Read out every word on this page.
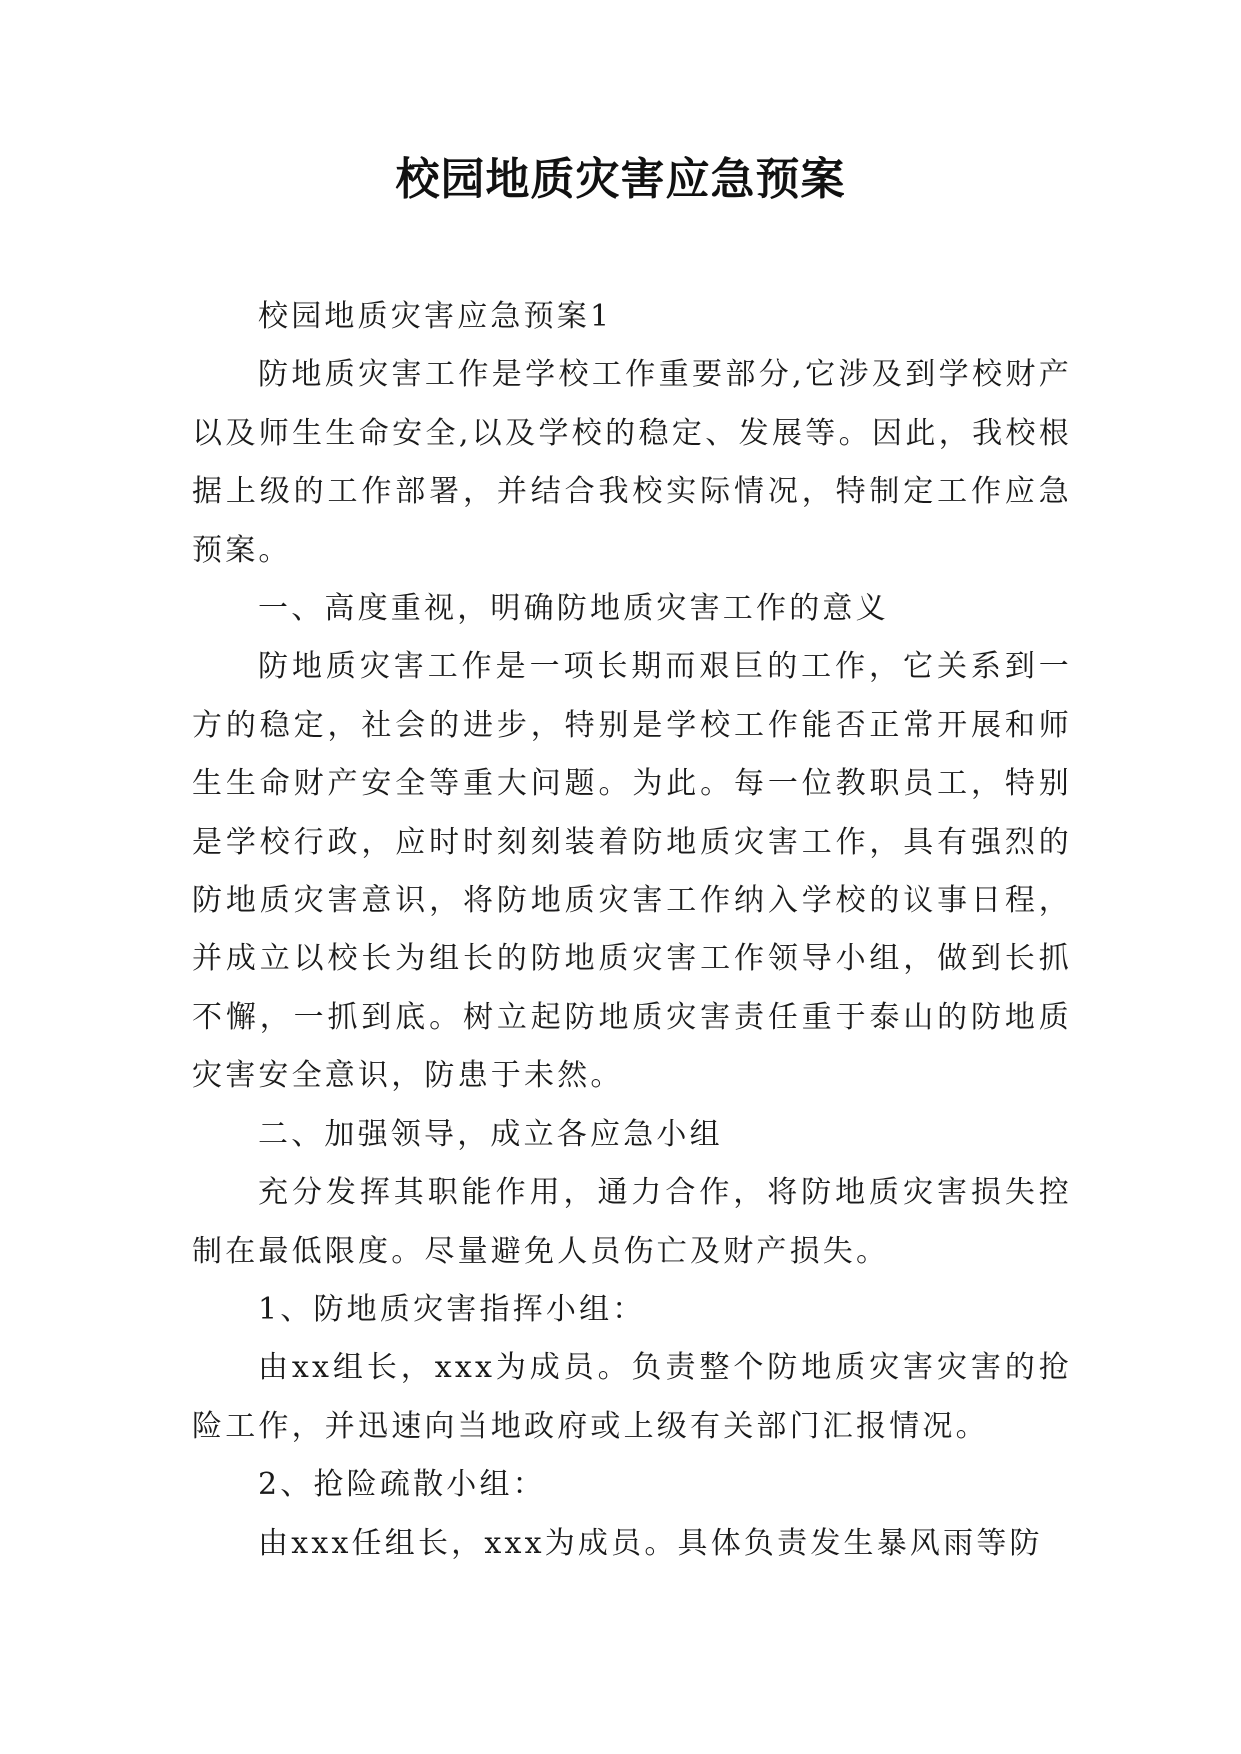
校园地质灾害应急预案

校园地质灾害应急预案1

防地质灾害工作是学校工作重要部分,它涉及到学校财产以及师生生命安全,以及学校的稳定、发展等。因此，我校根据上级的工作部署，并结合我校实际情况，特制定工作应急预案。

一、高度重视，明确防地质灾害工作的意义

防地质灾害工作是一项长期而艰巨的工作，它关系到一方的稳定，社会的进步，特别是学校工作能否正常开展和师生生命财产安全等重大问题。为此。每一位教职员工，特别是学校行政，应时时刻刻装着防地质灾害工作，具有强烈的防地质灾害意识，将防地质灾害工作纳入学校的议事日程，并成立以校长为组长的防地质灾害工作领导小组，做到长抓不懈，一抓到底。树立起防地质灾害责任重于泰山的防地质灾害安全意识，防患于未然。

二、加强领导，成立各应急小组

充分发挥其职能作用，通力合作，将防地质灾害损失控制在最低限度。尽量避免人员伤亡及财产损失。

1、防地质灾害指挥小组：

由xx组长，xxx为成员。负责整个防地质灾害灾害的抢险工作，并迅速向当地政府或上级有关部门汇报情况。

2、抢险疏散小组：

由xxx任组长，xxx为成员。具体负责发生暴风雨等防
